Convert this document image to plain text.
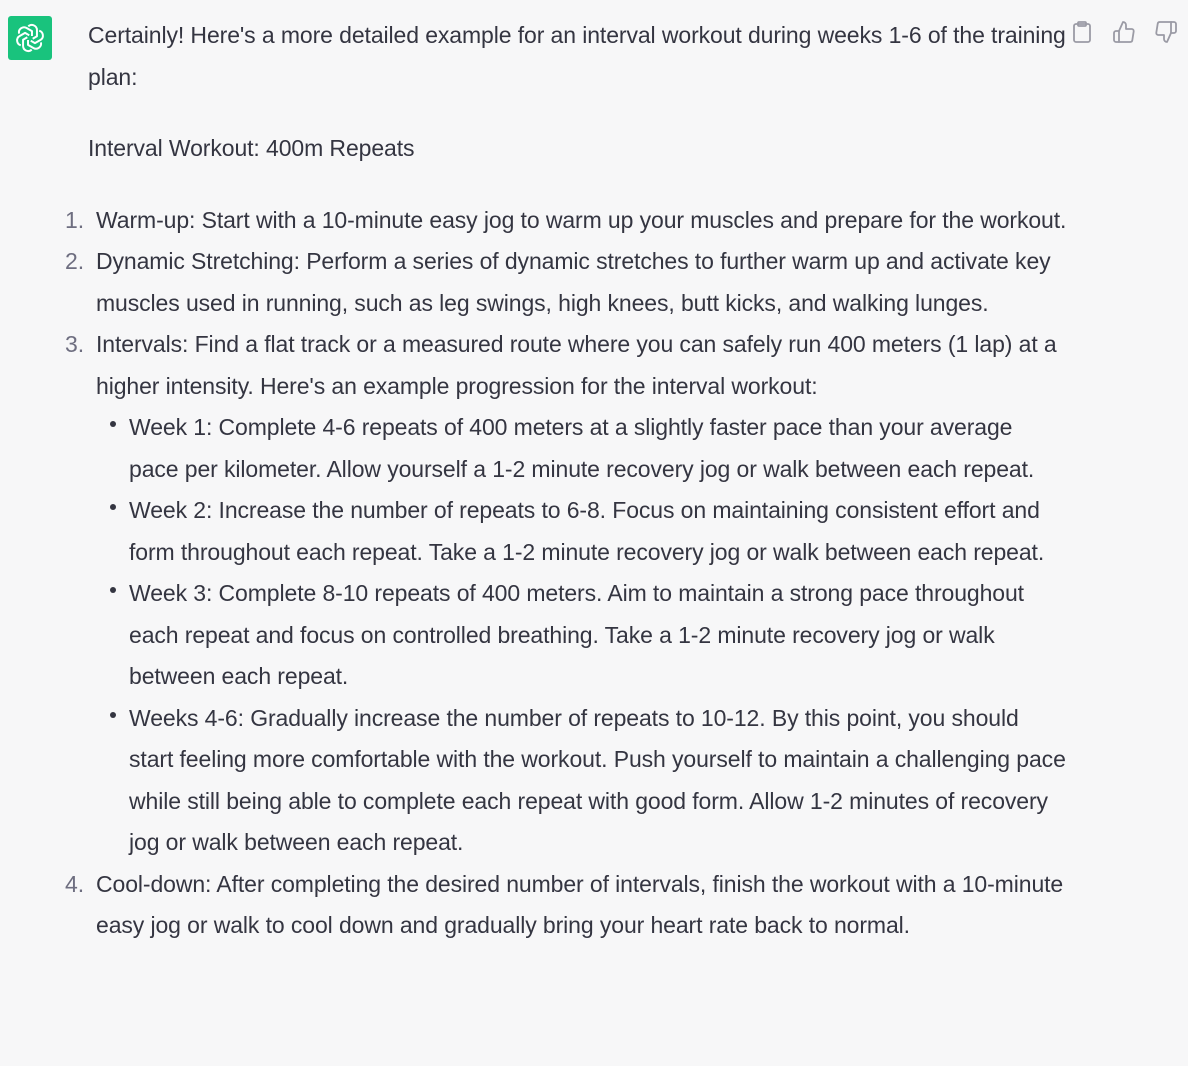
Certainly! Here's a more detailed example for an interval workout during weeks 1-6 of the training plan:

Interval Workout: 400m Repeats

1. Warm-up: Start with a 10-minute easy jog to warm up your muscles and prepare for the workout.
2. Dynamic Stretching: Perform a series of dynamic stretches to further warm up and activate key muscles used in running, such as leg swings, high knees, butt kicks, and walking lunges.
3. Intervals: Find a flat track or a measured route where you can safely run 400 meters (1 lap) at a higher intensity. Here's an example progression for the interval workout:
Week 1: Complete 4-6 repeats of 400 meters at a slightly faster pace than your average pace per kilometer. Allow yourself a 1-2 minute recovery jog or walk between each repeat.
Week 2: Increase the number of repeats to 6-8. Focus on maintaining consistent effort and form throughout each repeat. Take a 1-2 minute recovery jog or walk between each repeat.
Week 3: Complete 8-10 repeats of 400 meters. Aim to maintain a strong pace throughout each repeat and focus on controlled breathing. Take a 1-2 minute recovery jog or walk between each repeat.
Weeks 4-6: Gradually increase the number of repeats to 10-12. By this point, you should start feeling more comfortable with the workout. Push yourself to maintain a challenging pace while still being able to complete each repeat with good form. Allow 1-2 minutes of recovery jog or walk between each repeat.
4. Cool-down: After completing the desired number of intervals, finish the workout with a 10-minute easy jog or walk to cool down and gradually bring your heart rate back to normal.
